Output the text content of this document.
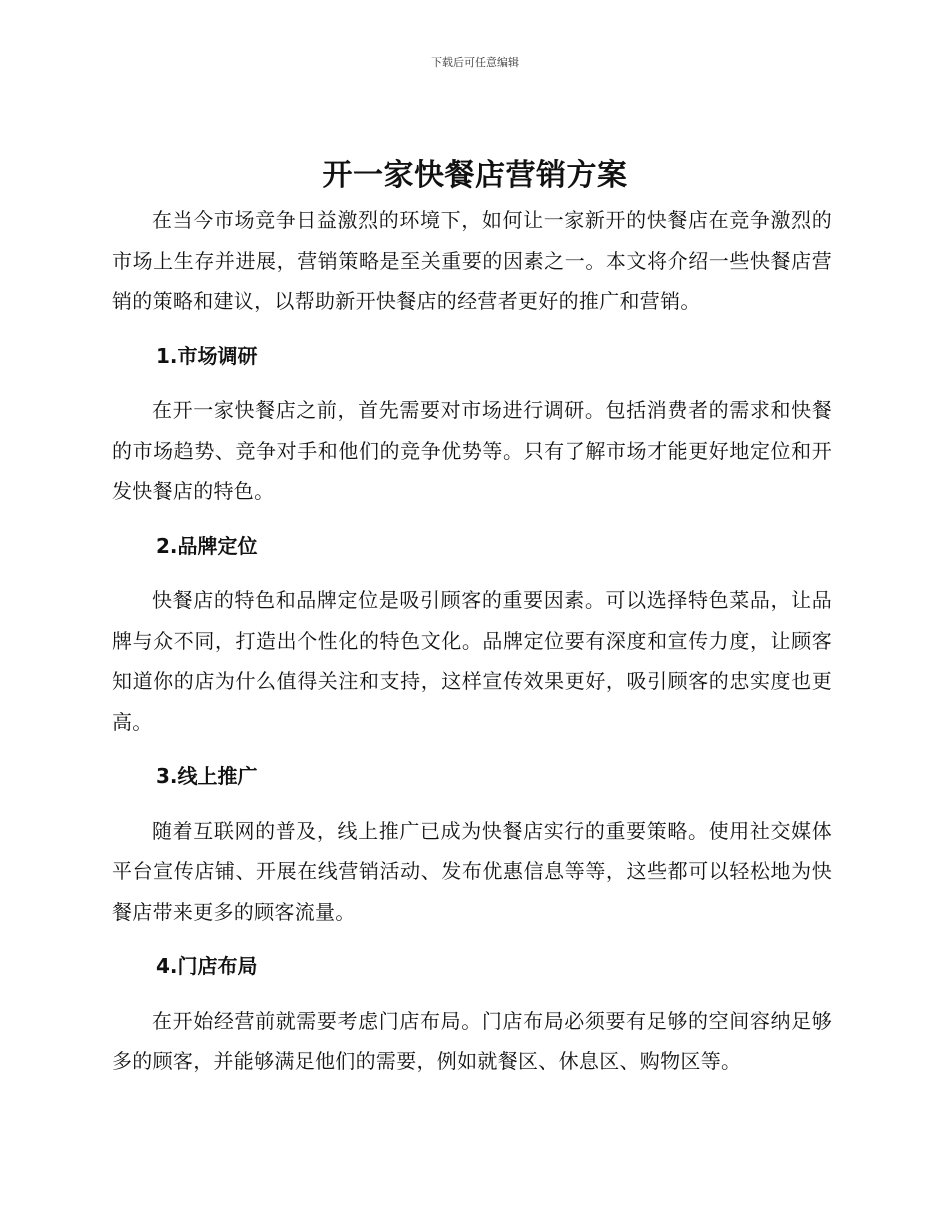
下载后可任意编辑
开一家快餐店营销方案

在当今市场竞争日益激烈的环境下，如何让一家新开的快餐店在竞争激烈的市场上生存并进展，营销策略是至关重要的因素之一。本文将介绍一些快餐店营销的策略和建议，以帮助新开快餐店的经营者更好的推广和营销。

1.市场调研

在开一家快餐店之前，首先需要对市场进行调研。包括消费者的需求和快餐的市场趋势、竞争对手和他们的竞争优势等。只有了解市场才能更好地定位和开发快餐店的特色。

2.品牌定位

快餐店的特色和品牌定位是吸引顾客的重要因素。可以选择特色菜品，让品牌与众不同，打造出个性化的特色文化。品牌定位要有深度和宣传力度，让顾客知道你的店为什么值得关注和支持，这样宣传效果更好，吸引顾客的忠实度也更高。

3.线上推广

随着互联网的普及，线上推广已成为快餐店实行的重要策略。使用社交媒体平台宣传店铺、开展在线营销活动、发布优惠信息等等，这些都可以轻松地为快餐店带来更多的顾客流量。

4.门店布局

在开始经营前就需要考虑门店布局。门店布局必须要有足够的空间容纳足够多的顾客，并能够满足他们的需要，例如就餐区、休息区、购物区等。
